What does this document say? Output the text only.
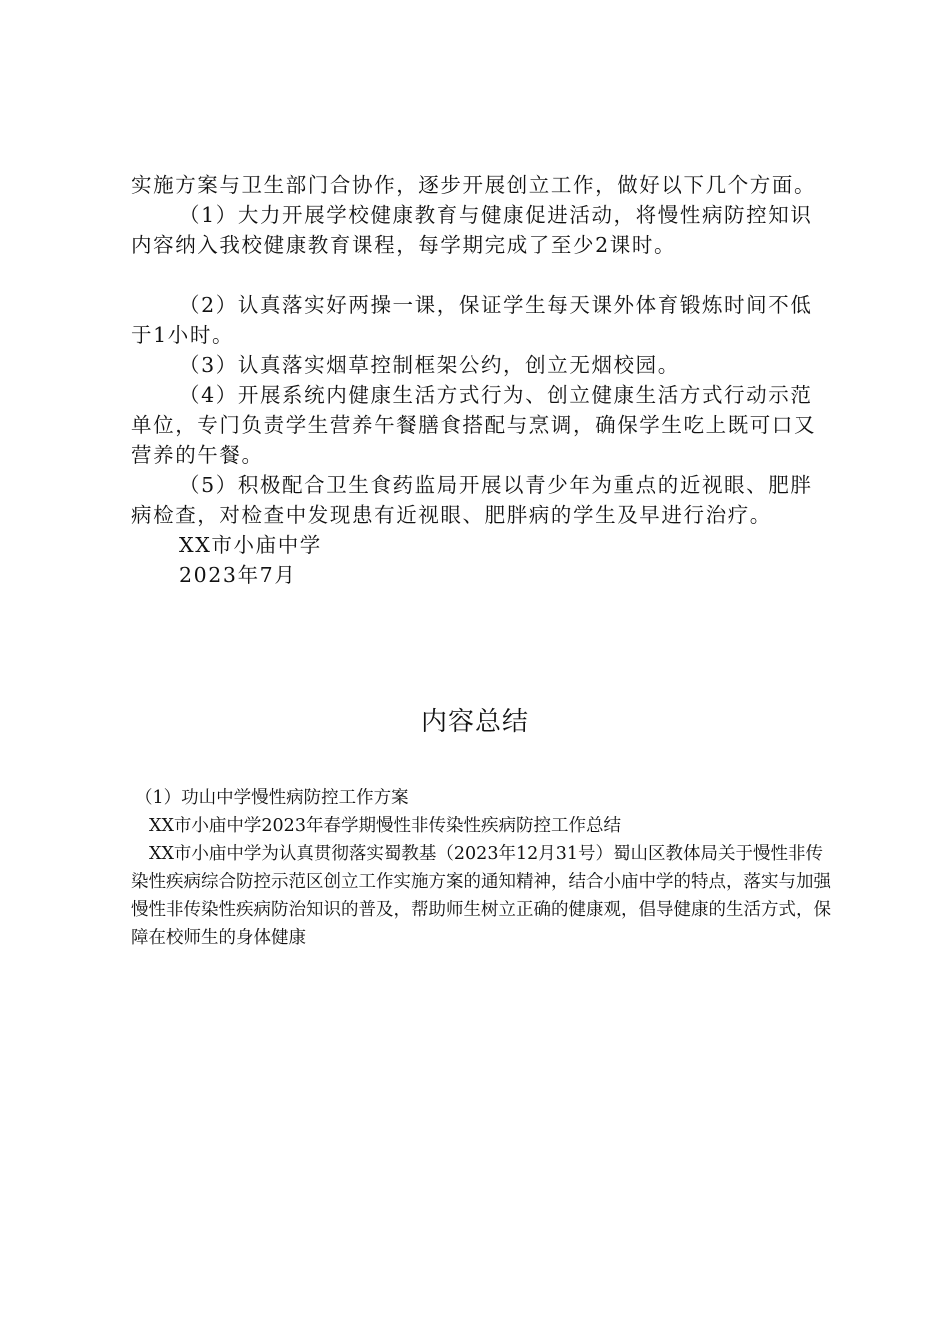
实施方案与卫生部门合协作，逐步开展创立工作，做好以下几个方面。

（1）大力开展学校健康教育与健康促进活动，将慢性病防控知识内容纳入我校健康教育课程，每学期完成了至少2课时。

（2）认真落实好两操一课，保证学生每天课外体育锻炼时间不低于1小时。

（3）认真落实烟草控制框架公约，创立无烟校园。

（4）开展系统内健康生活方式行为、创立健康生活方式行动示范单位，专门负责学生营养午餐膳食搭配与烹调，确保学生吃上既可口又营养的午餐。

（5）积极配合卫生食药监局开展以青少年为重点的近视眼、肥胖病检查，对检查中发现患有近视眼、肥胖病的学生及早进行治疗。

XX市小庙中学

2023年7月

内容总结

（1）功山中学慢性病防控工作方案

XX市小庙中学2023年春学期慢性非传染性疾病防控工作总结

XX市小庙中学为认真贯彻落实蜀教基（2023年12月31号）蜀山区教体局关于慢性非传染性疾病综合防控示范区创立工作实施方案的通知精神，结合小庙中学的特点，落实与加强慢性非传染性疾病防治知识的普及，帮助师生树立正确的健康观，倡导健康的生活方式，保障在校师生的身体健康
